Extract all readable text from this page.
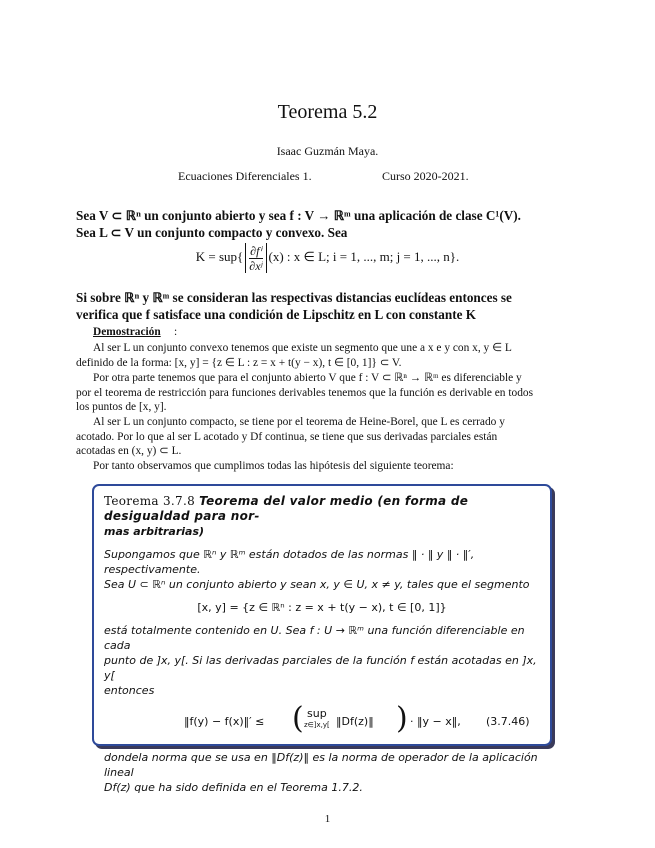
Teorema 5.2
Isaac Guzmán Maya.
Ecuaciones Diferenciales 1.	Curso 2020-2021.
Sea V ⊂ ℝⁿ un conjunto abierto y sea f : V → ℝᵐ una aplicación de clase C¹(V).
Sea L ⊂ V un conjunto compacto y convexo. Sea
$K = sup\{ \frac{\text{∂fⁱ}}{\text{∂xʲ}} (x)$ : x ∈ L; i = 1, ..., m; j = 1, ..., n}.
Si sobre ℝⁿ y ℝᵐ se consideran las respectivas distancias euclídeas entonces se
verifica que f satisface una condición de Lipschitz en L con constante K
Demostración :

Al ser L un conjunto convexo tenemos que existe un segmento que une a x e y con x, y ∈ L

definido de la forma: [x, y] = {z ∈ L : z = x + t(y − x), t ∈ [0, 1]} ⊂ V.

Por otra parte tenemos que para el conjunto abierto V que f : V ⊂ ℝⁿ → ℝᵐ es diferenciable y

por el teorema de restricción para funciones derivables tenemos que la función es derivable en todos
los puntos de [x, y].

Al ser L un conjunto compacto, se tiene por el teorema de Heine-Borel, que L es cerrado y

acotado. Por lo que al ser L acotado y Df continua, se tiene que sus derivadas parciales están
acotadas en (x, y) ⊂ L.

Por tanto observamos que cumplimos todas las hipótesis del siguiente teorema:

Teorema 3.7.8 Teorema del valor medio (en forma de desigualdad para nor-
mas arbitrarias)
Supongamos que ℝⁿ y ℝᵐ están dotados de las normas ‖ · ‖ y ‖ · ‖′, respectivamente.
Sea U ⊂ ℝⁿ un conjunto abierto y sean x, y ∈ U, x ≠ y, tales que el segmento
[x, y] = {z ∈ ℝⁿ : z = x + t(y − x), t ∈ [0, 1]}
está totalmente contenido en U. Sea f : U → ℝᵐ una función diferenciable en cada
punto de ]x, y[. Si las derivadas parciales de la función f están acotadas en ]x, y[
entonces
‖f(y) − f(x)‖′ ≤ ( sup
z∈]x,y[ ‖Df(z)‖ ) · ‖y − x‖, (3.7.46)
dondela norma que se usa en ‖Df(z)‖ es la norma de operador de la aplicación lineal
Df(z) que ha sido definida en el Teorema 1.7.2.
1
